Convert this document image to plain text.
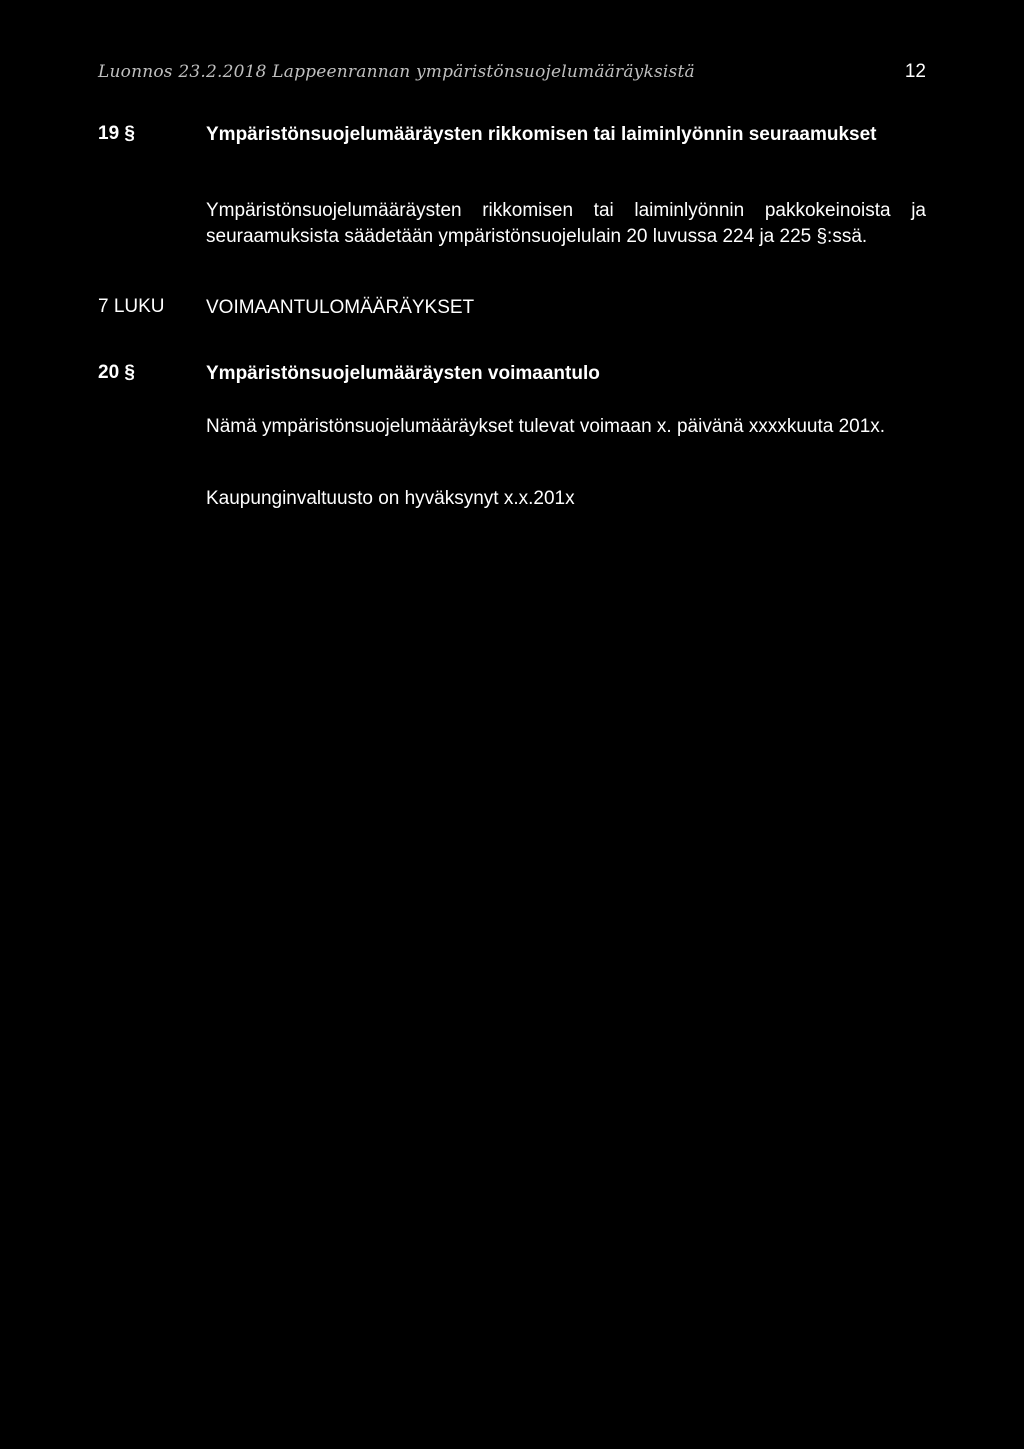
Luonnos 23.2.2018 Lappeenrannan ympäristönsuojelumääräyksistä	12
19 §	Ympäristönsuojelumääräysten rikkomisen tai laiminlyönnin seuraamukset
Ympäristönsuojelumääräysten rikkomisen tai laiminlyönnin pakkokeinoista ja seuraamuksista säädetään ympäristönsuojelulain 20 luvussa 224 ja 225 §:ssä.
7 LUKU VOIMAANTULOMÄÄRÄYKSET
20 §	Ympäristönsuojelumääräysten voimaantulo
Nämä ympäristönsuojelumääräykset tulevat voimaan x. päivänä xxxxkuuta 201x.
Kaupunginvaltuusto on hyväksynyt x.x.201x
